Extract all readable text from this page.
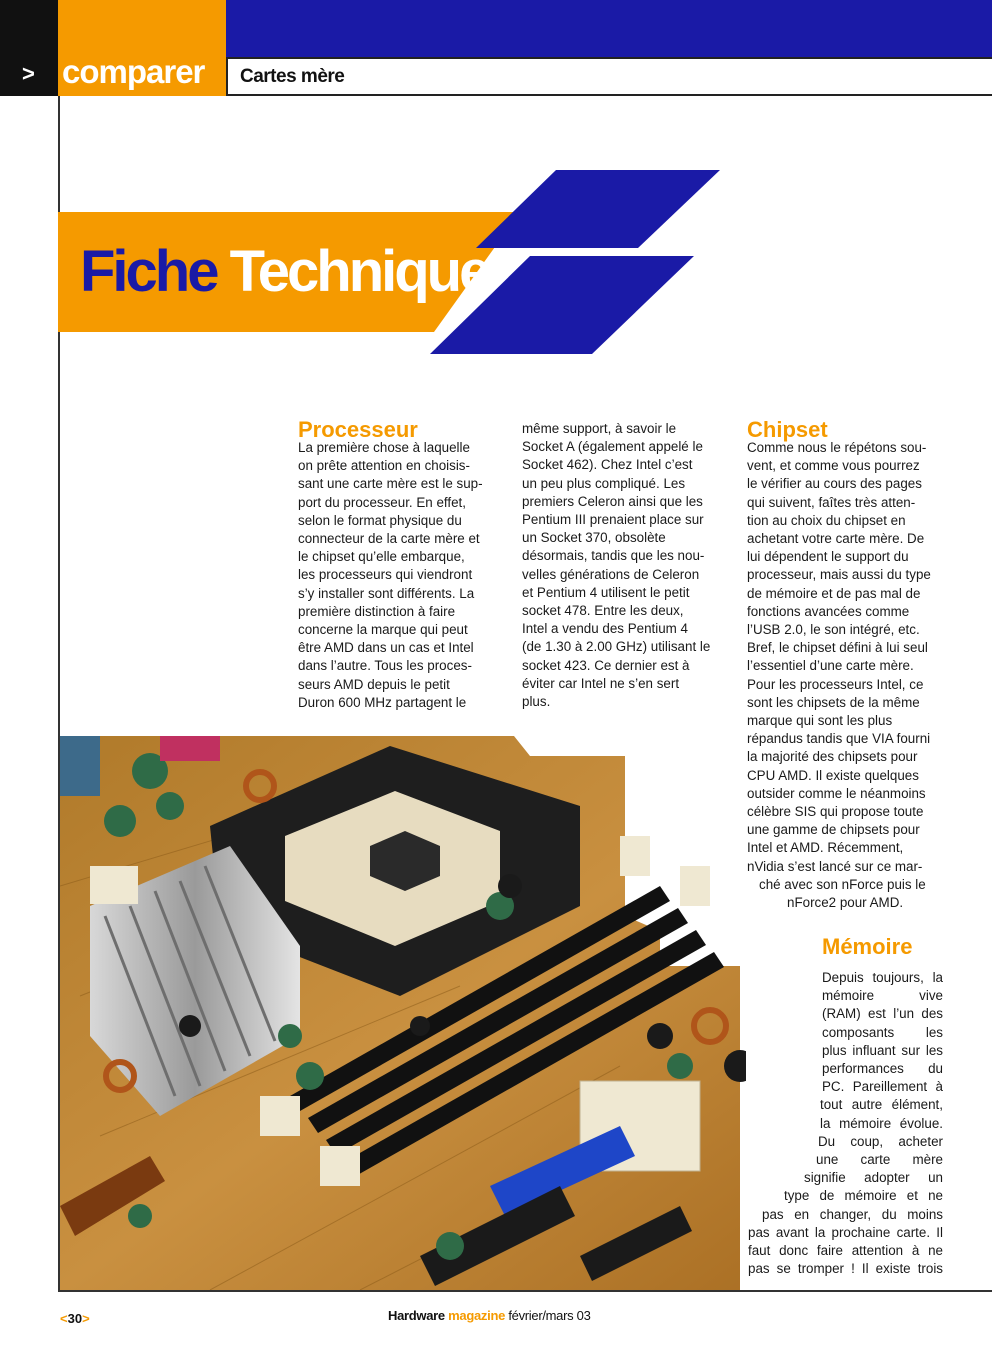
> comparer	Cartes mère
Fiche Technique
Processeur
La première chose à laquelle
on prête attention en choisis-
sant une carte mère est le sup-
port du processeur. En effet,
selon le format physique du
connecteur de la carte mère et
le chipset qu’elle embarque,
les processeurs qui viendront
s’y installer sont différents. La
première distinction à faire
concerne la marque qui peut
être AMD dans un cas et Intel
dans l’autre. Tous les proces-
seurs AMD depuis le petit
Duron 600 MHz partagent le
même support, à savoir le
Socket A (également appelé le
Socket 462). Chez Intel c’est
un peu plus compliqué. Les
premiers Celeron ainsi que les
Pentium III prenaient place sur
un Socket 370, obsolète
désormais, tandis que les nou-
velles générations de Celeron
et Pentium 4 utilisent le petit
socket 478. Entre les deux,
Intel a vendu des Pentium 4
(de 1.30 à 2.00 GHz) utilisant le
socket 423. Ce dernier est à
éviter car Intel ne s’en sert
plus.
Chipset
Comme nous le répétons sou-
vent, et comme vous pourrez
le vérifier au cours des pages
qui suivent, faîtes très atten-
tion au choix du chipset en
achetant votre carte mère. De
lui dépendent le support du
processeur, mais aussi du type
de mémoire et de pas mal de
fonctions avancées comme
l’USB 2.0, le son intégré, etc.
Bref, le chipset défini à lui seul
l’essentiel d’une carte mère.
Pour les processeurs Intel, ce
sont les chipsets de la même
marque qui sont les plus
répandus tandis que VIA fourni
la majorité des chipsets pour
CPU AMD. Il existe quelques
outsider comme le néanmoins
célèbre SIS qui propose toute
une gamme de chipsets pour
Intel et AMD. Récemment,
nVidia s’est lancé sur ce mar-
ché avec son nForce puis le
nForce2 pour AMD.
Mémoire
Depuis toujours, la
mémoire vive
(RAM) est l’un des
composants les
plus influant sur les
performances du
PC. Pareillement à
tout autre élément,
la mémoire évolue.
Du coup, acheter
une carte mère
signifie adopter un
type de mémoire et ne
pas en changer, du moins
pas avant la prochaine carte. Il
faut donc faire attention à ne
pas se tromper ! Il existe trois
<30>	Hardware magazine février/mars 03
